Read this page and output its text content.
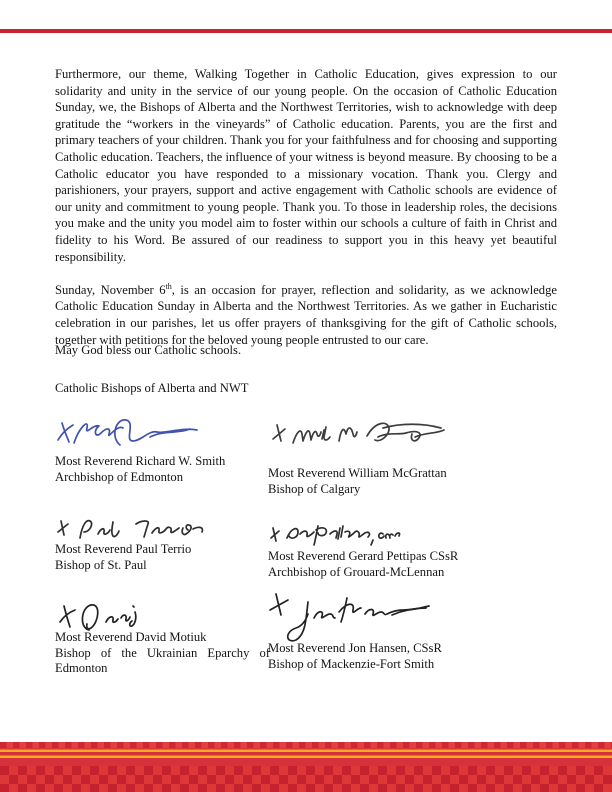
Furthermore, our theme, Walking Together in Catholic Education, gives expression to our solidarity and unity in the service of our young people. On the occasion of Catholic Education Sunday, we, the Bishops of Alberta and the Northwest Territories, wish to acknowledge with deep gratitude the “workers in the vineyards” of Catholic education. Parents, you are the first and primary teachers of your children. Thank you for your faithfulness and for choosing and supporting Catholic education. Teachers, the influence of your witness is beyond measure. By choosing to be a Catholic educator you have responded to a missionary vocation. Thank you. Clergy and parishioners, your prayers, support and active engagement with Catholic schools are evidence of our unity and commitment to young people. Thank you. To those in leadership roles, the decisions you make and the unity you model aim to foster within our schools a culture of faith in Christ and fidelity to his Word. Be assured of our readiness to support you in this heavy yet beautiful responsibility.

Sunday, November 6th, is an occasion for prayer, reflection and solidarity, as we acknowledge Catholic Education Sunday in Alberta and the Northwest Territories. As we gather in Eucharistic celebration in our parishes, let us offer prayers of thanksgiving for the gift of Catholic schools, together with petitions for the beloved young people entrusted to our care.

May God bless our Catholic schools.
Catholic Bishops of Alberta and NWT
Most Reverend Richard W. Smith
Archbishop of Edmonton	Most Reverend William McGrattan
Bishop of Calgary
Most Reverend Paul Terrio
Bishop of St. Paul
Most Reverend Gerard Pettipas CSsR
Archbishop of Grouard-McLennan
Most Reverend David Motiuk
Bishop of the Ukrainian Eparchy of Edmonton
Most Reverend Jon Hansen, CSsR
Bishop of Mackenzie-Fort Smith
